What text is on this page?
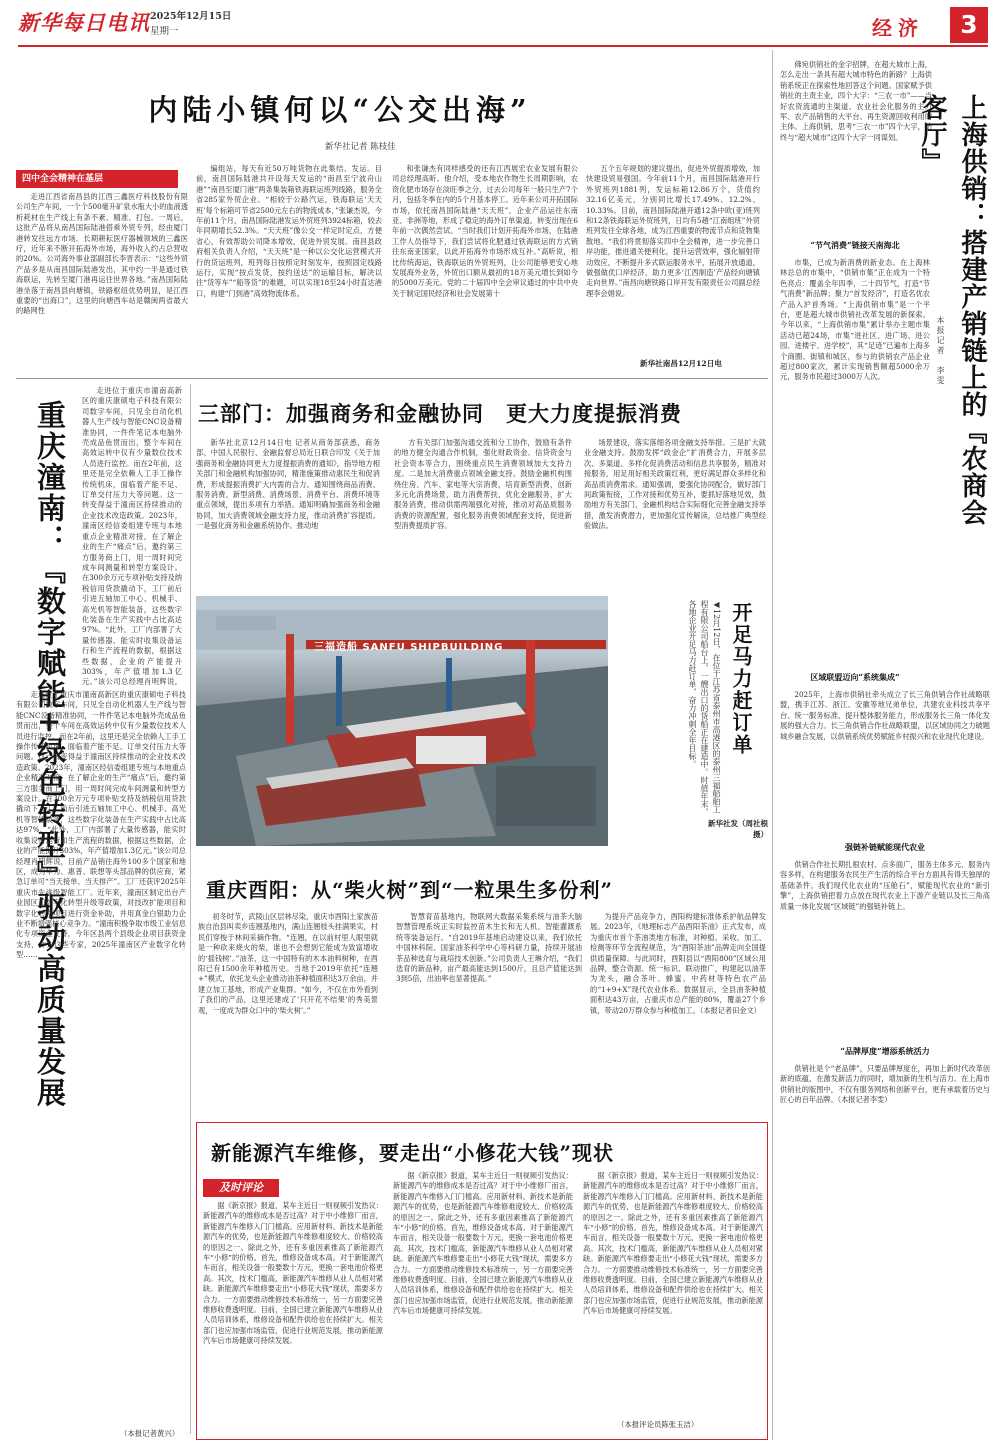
新华每日电讯 2025年12月15日
星期一	经济	3
内陆小镇何以“公交出海”
新华社记者 陈枝佳
四中全会精神在基层

走进江西省南昌县的江西三鑫医疗科技股份有限公司生产车间，一个个500毫升矿泉水瓶大小的血液透析耗材在生产线上有条不紊、精准、打包。一周后，这批产品将从南昌国际陆港搭乘外贸专列，经由厦门港转发往远方市场。长期耕耘医疗器械领域的三鑫医疗，近年来不断开拓海外市场，海外收入约占总营收的20%。公司海外事业部副部长李晋表示：“这些外贸产品多是从南昌国际陆港发出，其中约一半是通过铁海联运，先转至厦门港再运往世界各地。”南昌国际陆港坐落于南昌县向塘镇，铁路枢纽优势明显，是江西重要的“出海口”，这里的向塘西车站是赣闽两省最大的路网性

编组站，每天有近50万吨货物在此集结、发运。目前，南昌国际陆港共开设每天发运的“南昌至宁波舟山港”“南昌至厦门港”两条集装箱铁海联运班列线路，服务全省285家外贸企业。“相较于公路汽运，铁海联运‘天天班’每个标箱可节省2500元左右的物流成本，”张谦杰说，今年前11个月，南昌国际陆港发运外贸班列3924标箱，较去年同期增长52.3%。“天天班”像公交一样定时定点，方便省心，有效帮助公司降本增效，促进外贸发展。南昌县政府相关负责人介绍，“天天班”是一种以公交化运营模式开行的货运班列，班列每日按照定时刻发车，按照固定线路运行，实现“按点发货，按约送达”的运输目标，解决以往“货等车”“船等货”的难题，可以实现18至24小时直达港口，构建“门到港”高效物流体系。

和张谦杰有同样感受的还有江西展宏农业发展有限公司总经理高昕。他介绍，受本地农作物生长周期影响，农资化肥市场存在淡旺季之分，过去公司每年一般只生产7个月，包括冬季在内的5个月基本停工。近年来公司开拓国际市场，依托南昌国际陆港“天天班”，企业产品运往东南亚、非洲等地，形成了稳定的海外订单渠道。转变出现在6年前一次偶然尝试。“当时我们计划开拓海外市场，在陆港工作人员指导下，我们尝试将化肥通过铁海联运的方式销往东南亚国家，以此开拓海外市场形成互补。”高昕说，相比传统海运，铁海联运的外贸班列，让公司能够更安心地发展海外业务，外贸出口额从最初的18万美元增长到如今的5000万美元。党的二十届四中全会审议通过的中共中央关于制定国民经济和社会发展第十

五个五年规划的建议提出，促进外贸提质增效，加快建设贸易强国。今年前11个月，南昌国际陆港开行外贸班列1881列，发运标箱12.86万个，货值约32.16亿美元，分别同比增长17.49%、12.2%、10.33%。目前，南昌国际陆港开通12条中欧(亚)班列和12条铁海联运外贸班列，日均有5趟“江南组班”外贸班列发往全球各地，成为江西重要的物流节点和货物集散地。“我们将贯彻落实四中全会精神，进一步完善口岸功能，推进通关便利化，提升运营效率，强化辐射带动效应，不断提升多式联运服务水平，拓展开放通道，做强做优口岸经济，助力更多‘江西制造’产品经向塘镇走向世界。”南昌向塘铁路口岸开发有限责任公司副总经理李会娟说。

新华社南昌12月12日电
重庆潼南：『数字赋能+绿色转型』驱动高质量发展

走进位于重庆市潼南高新区的重庆康硕电子科技有限公司数字车间，只见全自动化机器人生产线与智能CNC设备精准协同，一件件笔记本电脑外壳成品鱼贯而出，整个车间在高效运转中仅有少量数位技术人员进行监控。而在2年前，这里还是完全依赖人工手工操作传统机床，面临着产能不足、订单交付压力大等问题。这一转变得益于潼南区持续推动的企业技术改造政策。2023年，潼南区经信委组建专班与本地重点企业精准对接，在了解企业的生产“痛点”后，邀约第三方服务商上门，用一周时间完成车间测量和转型方案设计。在300余万元专项补贴支持及纳税信用贷款撬动下，工厂前后引进五轴加工中心、机械手、高光机等智能装备，这些数字化装备在生产实践中占比高达97%。“此外，工厂内部署了大量传感器，能实时收集设备运行和生产流程的数据，根据这些数据，企业的产能提升303%，年产值增加1.3亿元。”该公司总经理肖明辉说，

走进位于重庆市潼南高新区的重庆康硕电子科技有限公司数字车间，只见全自动化机器人生产线与智能CNC设备精准协同，一件件笔记本电脑外壳成品鱼贯而出，整个车间在高效运转中仅有少量数位技术人员进行监控。而在2年前，这里还是完全依赖人工手工操作传统机床，面临着产能不足、订单交付压力大等问题。这一转变得益于潼南区持续推动的企业技术改造政策。2023年，潼南区经信委组建专班与本地重点企业精准对接，在了解企业的生产“痛点”后，邀约第三方服务商上门，用一周时间完成车间测量和转型方案设计。在300余万元专项补贴支持及纳税信用贷款撬动下，工厂前后引进五轴加工中心、机械手、高光机等智能装备，这些数字化装备在生产实践中占比高达97%。“此外，工厂内部署了大量传感器，能实时收集设备运行和生产流程的数据，根据这些数据，企业的产能提升303%，年产值增加1.3亿元。”该公司总经理肖明辉说，目前产品销往海外100多个国家和地区，成为华为、惠普、联想等头部品牌的供应商，紧急订单可“当天接单、当天排产”。工厂还获评2025年重庆市先进级智能工厂。近年来，潼南区制定出台产业园区和数字化转型升级等政策，对技改扩能项目和数字化转型项目进行资金补助，并用真金白银助力企业不断增强核心竞争力。“潼南积极争取市级工业信息化专项资金支持，今年区县两个县级企业项目获资金支持，作为这些专家，2025年潼南区产业数字化转型……

（本报记者黄兴）
三部门：加强商务和金融协同　更大力度提振消费

新华社北京12月14日电 记者从商务部获悉，商务部、中国人民银行、金融监督总局近日联合印发《关于加强商务和金融协同更大力度提振消费的通知》，指导地方相关部门和金融机构加强协同，精准施策推动惠民生和促消费，形成提振消费扩大内需的合力。通知围绕商品消费、服务消费、新型消费、消费场景、消费平台、消费环境等重点领域，提出多项有力举措。通知明确加强商务和金融协同，加大消费领域金融支持力度，推动消费扩容提质。一是强化商务和金融系统协作。推动地

方有关部门加强沟通交流和分工协作，鼓励有条件的地方健全沟通合作机制，强化财政资金、信贷资金与社会资本等合力，围绕重点民生消费领域加大支持力度。二是加大消费重点领域金融支持。鼓励金融机构围绕住房、汽车、家电等大宗消费，培育新型消费，创新多元化消费场景，助力消费帮扶，优化金融服务，扩大服务消费，推动供需两端强化对接，推动对高品质服务消费的资源配置，强化服务消费领域配套支持，促进新型消费提质扩容。

场景建设，落实落细各项金融支持举措。三是扩大就业金融支持。鼓励发挥“政金企”扩消费合力，开展多层次、多渠道、多样化促消费活动和信息共享服务，精准对接服务，用足用好相关政策红利，更好满足群众多样化和高品质消费需求。通知强调，要强化协同配合，做好部门间政策衔接，工作对接和优势互补，要抓好落地见效，鼓励地方有关部门、金融机构结合实际细化完善金融支持举措，激发消费潜力，更加强化宣传解读，总结推广典型经验做法。

三福造船 SANFU SHIPBUILDING	开足马力赶订单
◀12月12日，在位于江苏省泰州市高港区的泰州三福船舶工程有限公司船台上，一艘出口的货船正在建造中。时值年末，各地企业开足马力赶订单，奋力冲刺全年目标。
新华社发（周社根摄）
重庆酉阳：从“柴火树”到“一粒果生多份利”

初冬时节，武陵山区层林尽染，重庆市酉阳土家族苗族自治县叫卖乡连翘基地内，满山连翘枝头挂满果实，村民们穿梭于林间采摘作物。“连翘，在以前村里人眼里就是一种砍来烧火的柴，谁也不会想到它能成为致富增收的‘摇钱树’。”油茶，这一中国特有的木本油料树种，在酉阳已有1500余年种植历史。当地于2019年依托“连翘+”模式，依托龙头企业推动油茶种植面积达3万余亩，并建立加工基地，形成产业集群。“如今，不仅在市外看到了我们的产品，这里还建成了‘只开花不结果’的秀美景观，一度成为群众口中的‘柴火树’。”

智慧育苗基地内，物联网大数据采集系统与油茶大脑智慧管理系统正实时监控苗木生长和无人机、智能灌溉系统等装备运行。“自2019年基地启动建设以来，我们依托中国林科院、国家油茶科学中心等科研力量，持续开展油茶品种选育与栽培技术创新。”公司负责人王琳介绍，“我们选育的新品种，亩产最高能达到1500斤，且总产值能达到3到5倍，出油率也显著提高。”

为提升产品竞争力，酉阳构建标准体系护航品牌发展。2023年，《地理标志产品酉阳茶油》正式发布，成为重庆市首个茶油类地方标准，对种植、采收、加工、检测等环节全流程规范，为“酉阳茶油”品牌走向全国提供质量保障。与此同时，酉阳县以“酉阳800”区域公用品牌，整合资源、统一标识、联动推广，构建起以油茶为龙头，融合茶叶、蜂蜜、中药材等特色农产品的“1+9+X”现代农业体系。数据显示，全县油茶种植面积达43万亩，占重庆市总产能的80%，覆盖27个乡镇，带动20万群众参与种植加工。（本报记者田金文）

新能源汽车维修，要走出“小修花大钱”现状
及时评论

据《新京报》报道，某车主近日一则视频引发热议：新能源汽车的维修成本是否过高？对于中小维修厂而言，新能源汽车维修入门门槛高。应用新材料、新技术是新能源汽车的优势，也是新能源汽车维修难度较大、价格较高的原因之一。除此之外，还有多重因素推高了新能源汽车“小修”的价格。首先，维修设备成本高。对于新能源汽车而言，相关设备一般要数十万元，更换一套电池价格更高。其次，技术门槛高，新能源汽车维修从业人员相对紧缺。新能源汽车维修要走出“小修花大钱”现状，需要多方合力。一方面要推动维修技术标准统一，另一方面要完善维修收费透明度。目前，全国已建立新能源汽车维修从业人员培训体系，维修设备和配件供给也在持续扩大。相关部门也应加强市场监管，促进行业规范发展，推动新能源汽车后市场健康可持续发展。

据《新京报》报道，某车主近日一则视频引发热议：新能源汽车的维修成本是否过高？对于中小维修厂而言，新能源汽车维修入门门槛高。应用新材料、新技术是新能源汽车的优势，也是新能源汽车维修难度较大、价格较高的原因之一。除此之外，还有多重因素推高了新能源汽车“小修”的价格。首先，维修设备成本高。对于新能源汽车而言，相关设备一般要数十万元，更换一套电池价格更高。其次，技术门槛高，新能源汽车维修从业人员相对紧缺。新能源汽车维修要走出“小修花大钱”现状，需要多方合力。一方面要推动维修技术标准统一，另一方面要完善维修收费透明度。目前，全国已建立新能源汽车维修从业人员培训体系，维修设备和配件供给也在持续扩大。相关部门也应加强市场监管，促进行业规范发展，推动新能源汽车后市场健康可持续发展。

据《新京报》报道，某车主近日一则视频引发热议：新能源汽车的维修成本是否过高？对于中小维修厂而言，新能源汽车维修入门门槛高。应用新材料、新技术是新能源汽车的优势，也是新能源汽车维修难度较大、价格较高的原因之一。除此之外，还有多重因素推高了新能源汽车“小修”的价格。首先，维修设备成本高。对于新能源汽车而言，相关设备一般要数十万元，更换一套电池价格更高。其次，技术门槛高，新能源汽车维修从业人员相对紧缺。新能源汽车维修要走出“小修花大钱”现状，需要多方合力。一方面要推动维修技术标准统一，另一方面要完善维修收费透明度。目前，全国已建立新能源汽车维修从业人员培训体系，维修设备和配件供给也在持续扩大。相关部门也应加强市场监管，促进行业规范发展，推动新能源汽车后市场健康可持续发展。

（本报评论员陈张玉洁）

佛宛供销社的金字招牌，在超大城市上海，怎么走出一条具有超大城市特色的新路？上海供销系统正在探索性地回答这个问题。国家赋予供销社的主责主业，四个大字：“三农一市”——当好农资流通的主渠道、农业社会化服务的主力军、农产品销售的大平台、再生资源回收利用的主体。上海供销，思考“三农一市”四个大字，始终与“超大城市”这四个大字一同谋划。	上海供销：搭建产销链上的『农商会客厅』
本报记者　李雯
“节气消费”链接天南海北

市集，已成为新消费的新业态。在上海林林总总的市集中，“供销市集”正在成为一个特色亮点：覆盖全年四季，二十四节气，打造“节气消费”新品牌；聚力“首发经济”，打造名优农产品入沪首秀场。“上海供销市集”是一个平台，更是超大城市供销社改革发展的新探索。今年以来，“上海供销市集”累计举办主题市集活动已超24场，市集“进社区、进广场、进公园、进楼宇、进学校”，其“足迹”已遍布上海多个商圈、街镇和城区，参与的供销农产品企业超过800家次，累计实现销售额超5000余万元，服务市民超过3000万人次。

区域联盟迈向“系统集成”

2025年，上海市供销社牵头成立了长三角供销合作社战略联盟，携手江苏、浙江、安徽等地兄弟单位，共建农业科技共享平台、统一服务标准、提升整体服务能力，形成服务长三角一体化发展的强大合力。长三角供销合作社战略联盟，以区域协同之力破题城乡融合发展，以供销系统优势赋能乡村振兴和农业现代化建设。

强链补链赋能现代农业

供销合作社长期扎根农村、点多面广，服务主体多元、服务内容多样，在构建服务农民生产生活的综合平台方面具有得天独厚的基础条件。我们现代化农业的“压舱石”，赋能现代农业的“新引擎”，上海供销把着力点放在现代农业上下游产业链以及长三角高质量一体化发展“区域链”的强链补链上。

“品牌厚度”增添系统活力

供销社是个“老品牌”，只要品牌厚度在，再加上新时代改革创新的底蕴，在激发新活力的同时，增加新的生机与活力。在上海市供销社的版图中，不仅有服务网络和创新平台，更有承载着历史与匠心的百年品牌。（本报记者李雯）
